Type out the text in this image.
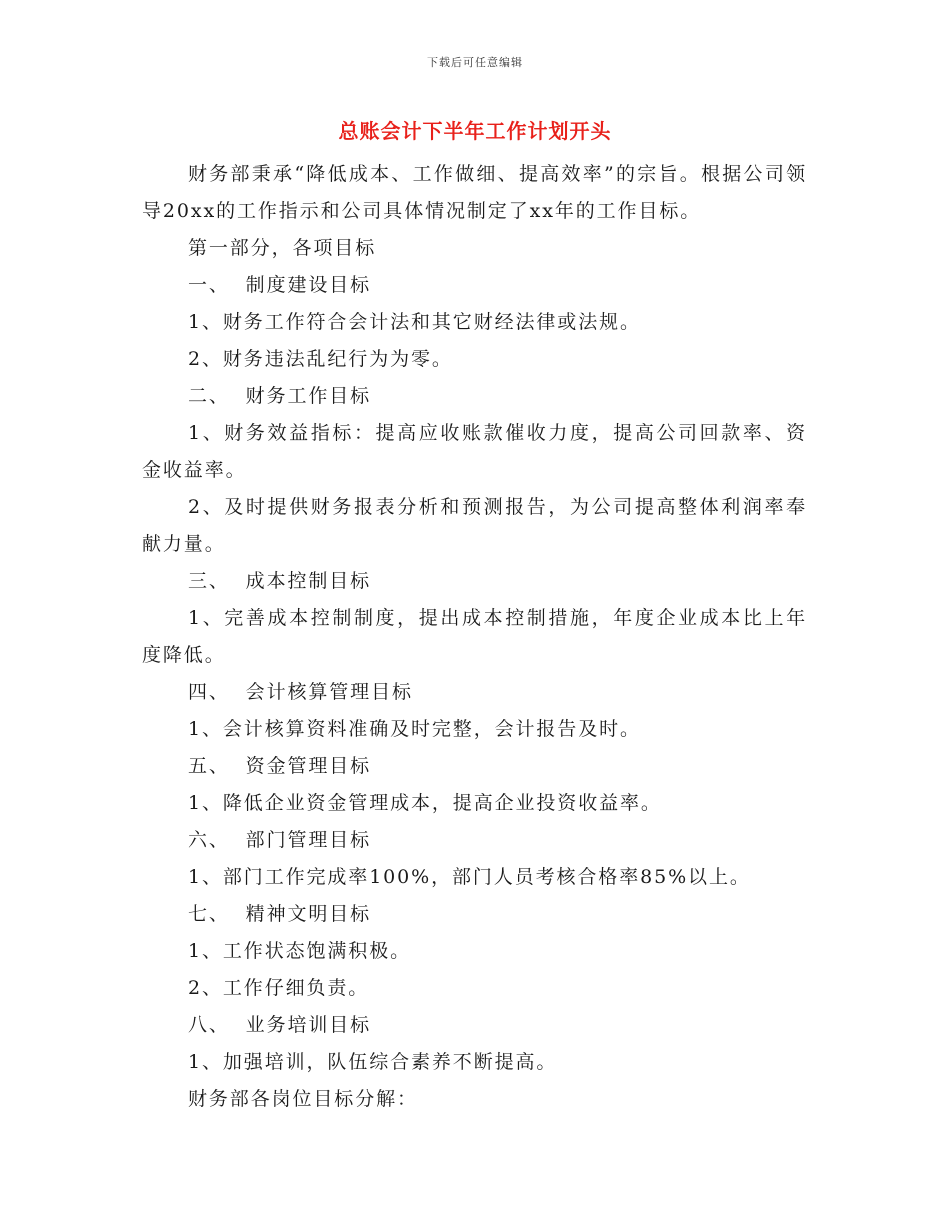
下载后可任意编辑
总账会计下半年工作计划开头

财务部秉承“降低成本、工作做细、提高效率”的宗旨。根据公司领导20xx的工作指示和公司具体情况制定了xx年的工作目标。

第一部分，各项目标

一、  制度建设目标

1、财务工作符合会计法和其它财经法律或法规。

2、财务违法乱纪行为为零。

二、  财务工作目标

1、财务效益指标：提高应收账款催收力度，提高公司回款率、资金收益率。

2、及时提供财务报表分析和预测报告，为公司提高整体利润率奉献力量。

三、  成本控制目标

1、完善成本控制制度，提出成本控制措施，年度企业成本比上年度降低。

四、  会计核算管理目标

1、会计核算资料准确及时完整，会计报告及时。

五、  资金管理目标

1、降低企业资金管理成本，提高企业投资收益率。

六、  部门管理目标

1、部门工作完成率100%，部门人员考核合格率85%以上。

七、  精神文明目标

1、工作状态饱满积极。

2、工作仔细负责。

八、  业务培训目标

1、加强培训，队伍综合素养不断提高。

财务部各岗位目标分解：
